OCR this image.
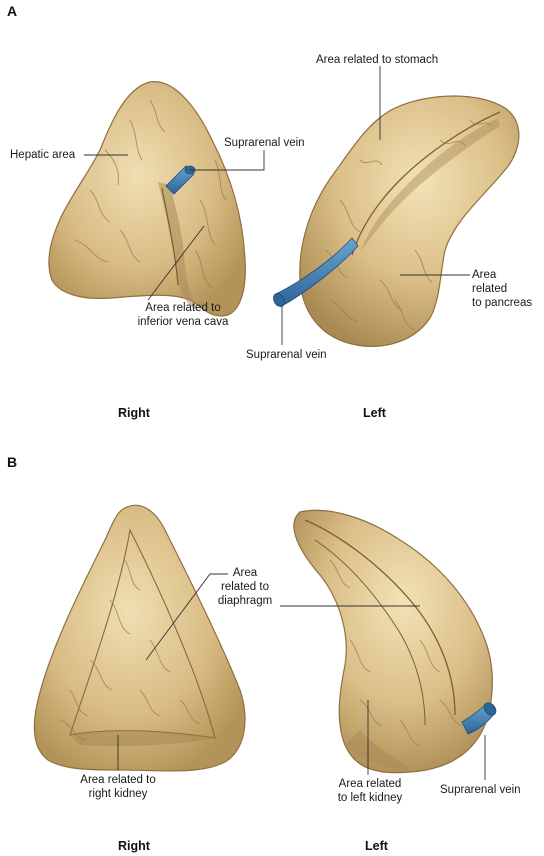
A
Hepatic area
Suprarenal vein
Area related to
inferior vena cava
Area related to stomach
Area
related
to pancreas
Suprarenal vein
Right	Left
B
Area
related to
diaphragm
Area related to
right kidney
Area related
to left kidney
Suprarenal vein
Right	Left
